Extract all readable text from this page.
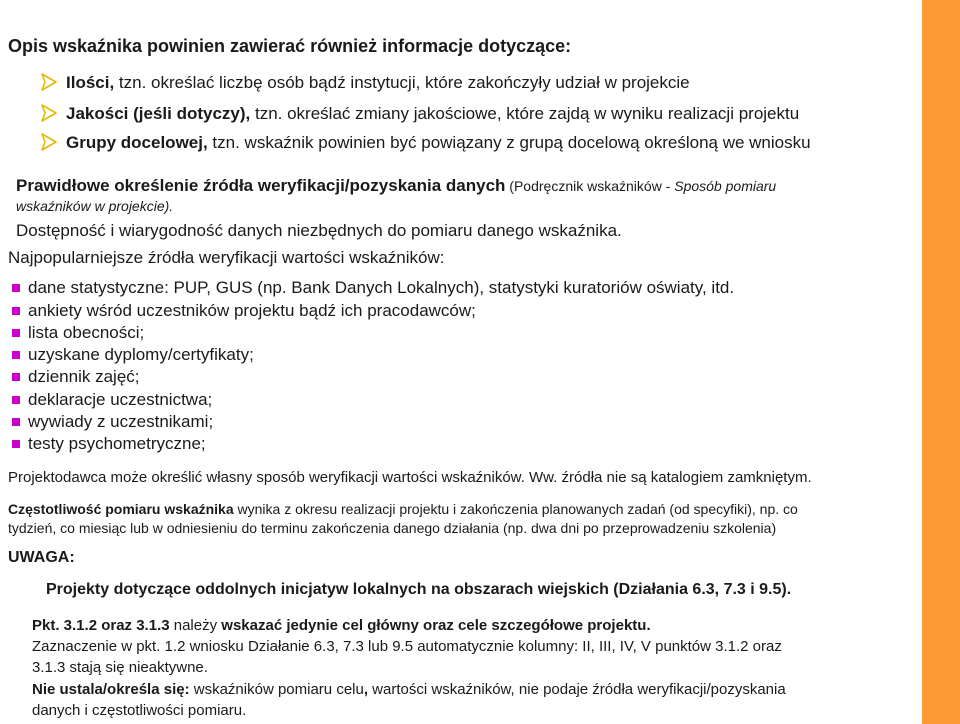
Opis wskaźnika powinien zawierać również informacje dotyczące:
Ilości, tzn. określać liczbę osób bądź instytucji, które zakończyły udział w projekcie
Jakości (jeśli dotyczy), tzn. określać zmiany jakościowe, które zajdą w wyniku realizacji projektu
Grupy docelowej, tzn. wskaźnik powinien być powiązany z grupą docelową określoną we wniosku
Prawidłowe określenie źródła weryfikacji/pozyskania danych (Podręcznik wskaźników - Sposób pomiaru
wskaźników w projekcie).
Dostępność i wiarygodność danych niezbędnych do pomiaru danego wskaźnika.
Najpopularniejsze źródła weryfikacji wartości wskaźników:
dane statystyczne: PUP, GUS (np. Bank Danych Lokalnych), statystyki kuratoriów oświaty, itd.
ankiety wśród uczestników projektu bądź ich pracodawców;
lista obecności;
uzyskane dyplomy/certyfikaty;
dziennik zajęć;
deklaracje uczestnictwa;
wywiady z uczestnikami;
testy psychometryczne;
Projektodawca może określić własny sposób weryfikacji wartości wskaźników. Ww. źródła nie są katalogiem zamkniętym.
Częstotliwość pomiaru wskaźnika wynika z okresu realizacji projektu i zakończenia planowanych zadań (od specyfiki), np. co
tydzień, co miesiąc lub w odniesieniu do terminu zakończenia danego działania (np. dwa dni po przeprowadzeniu szkolenia)
UWAGA:
Projekty dotyczące oddolnych inicjatyw lokalnych na obszarach wiejskich (Działania 6.3, 7.3 i 9.5).
Pkt. 3.1.2 oraz 3.1.3 należy wskazać jedynie cel główny oraz cele szczegółowe projektu.
Zaznaczenie w pkt. 1.2 wniosku Działanie 6.3, 7.3 lub 9.5 automatycznie kolumny: II, III, IV, V punktów 3.1.2 oraz
3.1.3 stają się nieaktywne.
Nie ustala/określa się: wskaźników pomiaru celu, wartości wskaźników, nie podaje źródła weryfikacji/pozyskania
danych i częstotliwości pomiaru.
